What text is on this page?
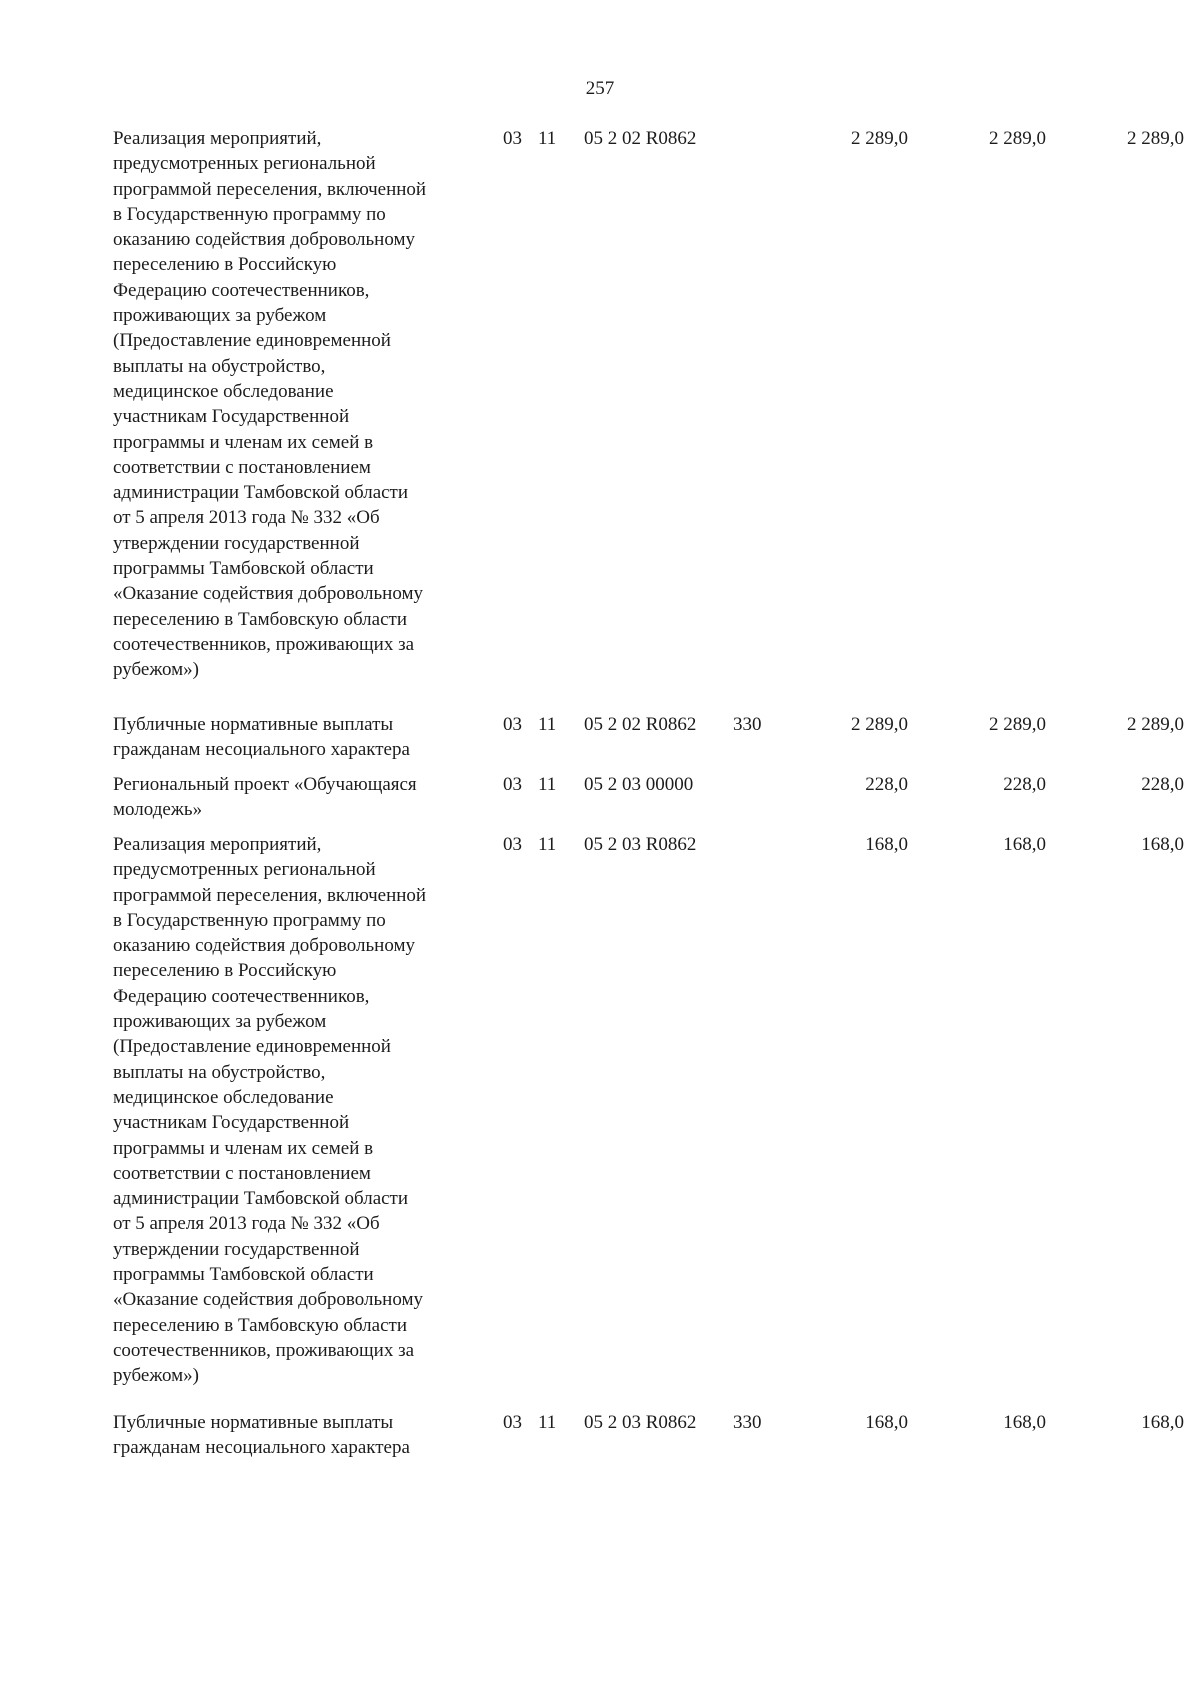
257
Реализация мероприятий,
предусмотренных региональной
программой переселения, включенной
в Государственную программу по
оказанию содействия добровольному
переселению в Российскую
Федерацию соотечественников,
проживающих за рубежом
(Предоставление единовременной
выплаты на обустройство,
медицинское обследование
участникам Государственной
программы и членам их семей в
соответствии с постановлением
администрации Тамбовской области
от 5 апреля 2013 года № 332 «Об
утверждении государственной
программы Тамбовской области
«Оказание содействия добровольному
переселению в Тамбовскую области
соотечественников, проживающих за
рубежом»)
03 11 05 2 02 R0862	2 289,0	2 289,0	2 289,0
Публичные нормативные выплаты
гражданам несоциального характера
03 11 05 2 02 R0862 330	2 289,0	2 289,0	2 289,0
Региональный проект «Обучающаяся
молодежь»
03 11 05 2 03 00000	228,0	228,0	228,0
Реализация мероприятий,
предусмотренных региональной
программой переселения, включенной
в Государственную программу по
оказанию содействия добровольному
переселению в Российскую
Федерацию соотечественников,
проживающих за рубежом
(Предоставление единовременной
выплаты на обустройство,
медицинское обследование
участникам Государственной
программы и членам их семей в
соответствии с постановлением
администрации Тамбовской области
от 5 апреля 2013 года № 332 «Об
утверждении государственной
программы Тамбовской области
«Оказание содействия добровольному
переселению в Тамбовскую области
соотечественников, проживающих за
рубежом»)
03 11 05 2 03 R0862	168,0	168,0	168,0
Публичные нормативные выплаты
гражданам несоциального характера
03 11 05 2 03 R0862 330	168,0	168,0	168,0
